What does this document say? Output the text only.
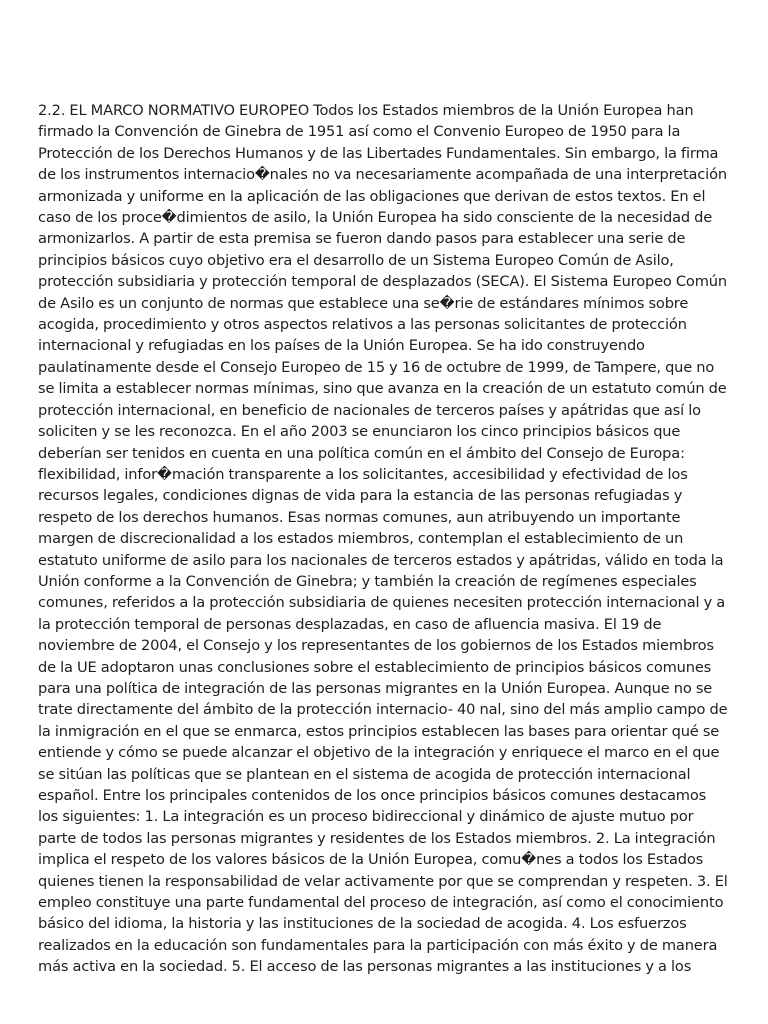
2.2. EL MARCO NORMATIVO EUROPEO Todos los Estados miembros de la Unión Europea han
firmado la Convención de Ginebra de 1951 así como el Convenio Europeo de 1950 para la
Protección de los Derechos Humanos y de las Libertades Fundamentales. Sin embargo, la firma
de los instrumentos internacio�nales no va necesariamente acompañada de una interpretación
armonizada y uniforme en la aplicación de las obligaciones que derivan de estos textos. En el
caso de los proce�dimientos de asilo, la Unión Europea ha sido consciente de la necesidad de
armonizarlos. A partir de esta premisa se fueron dando pasos para establecer una serie de
principios básicos cuyo objetivo era el desarrollo de un Sistema Europeo Común de Asilo,
protección subsidiaria y protección temporal de desplazados (SECA). El Sistema Europeo Común
de Asilo es un conjunto de normas que establece una se�rie de estándares mínimos sobre
acogida, procedimiento y otros aspectos relativos a las personas solicitantes de protección
internacional y refugiadas en los países de la Unión Europea. Se ha ido construyendo
paulatinamente desde el Consejo Europeo de 15 y 16 de octubre de 1999, de Tampere, que no
se limita a establecer normas mínimas, sino que avanza en la creación de un estatuto común de
protección internacional, en beneficio de nacionales de terceros países y apátridas que así lo
soliciten y se les reconozca. En el año 2003 se enunciaron los cinco principios básicos que
deberían ser tenidos en cuenta en una política común en el ámbito del Consejo de Europa:
flexibilidad, infor�mación transparente a los solicitantes, accesibilidad y efectividad de los
recursos legales, condiciones dignas de vida para la estancia de las personas refugiadas y
respeto de los derechos humanos. Esas normas comunes, aun atribuyendo un importante
margen de discrecionalidad a los estados miembros, contemplan el establecimiento de un
estatuto uniforme de asilo para los nacionales de terceros estados y apátridas, válido en toda la
Unión conforme a la Convención de Ginebra; y también la creación de regímenes especiales
comunes, referidos a la protección subsidiaria de quienes necesiten protección internacional y a
la protección temporal de personas desplazadas, en caso de afluencia masiva. El 19 de
noviembre de 2004, el Consejo y los representantes de los gobiernos de los Estados miembros
de la UE adoptaron unas conclusiones sobre el establecimiento de principios básicos comunes
para una política de integración de las personas migrantes en la Unión Europea. Aunque no se
trate directamente del ámbito de la protección internacio- 40 nal, sino del más amplio campo de
la inmigración en el que se enmarca, estos principios establecen las bases para orientar qué se
entiende y cómo se puede alcanzar el objetivo de la integración y enriquece el marco en el que
se sitúan las políticas que se plantean en el sistema de acogida de protección internacional
español. Entre los principales contenidos de los once principios básicos comunes destacamos
los siguientes: 1. La integración es un proceso bidireccional y dinámico de ajuste mutuo por
parte de todos las personas migrantes y residentes de los Estados miembros. 2. La integración
implica el respeto de los valores básicos de la Unión Europea, comu�nes a todos los Estados
quienes tienen la responsabilidad de velar activamente por que se comprendan y respeten. 3. El
empleo constituye una parte fundamental del proceso de integración, así como el conocimiento
básico del idioma, la historia y las instituciones de la sociedad de acogida. 4. Los esfuerzos
realizados en la educación son fundamentales para la participación con más éxito y de manera
más activa en la sociedad. 5. El acceso de las personas migrantes a las instituciones y a los
